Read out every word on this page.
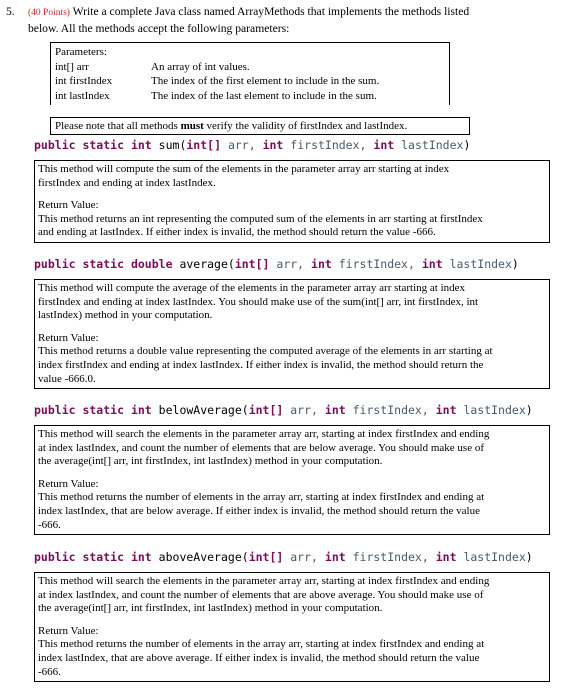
5. (40 Points) Write a complete Java class named ArrayMethods that implements the methods listed
below. All the methods accept the following parameters:
Parameters:
int[] arr	An array of int values.
int firstIndex	The index of the first element to include in the sum.
int lastIndex	The index of the last element to include in the sum.
Please note that all methods must verify the validity of firstIndex and lastIndex.
public static int sum(int[] arr, int firstIndex, int lastIndex)

This method will compute the sum of the elements in the parameter array arr starting at index

firstIndex and ending at index lastIndex.

Return Value:

This method returns an int representing the computed sum of the elements in arr starting at firstIndex

and ending at lastIndex. If either index is invalid, the method should return the value -666.

public static double average(int[] arr, int firstIndex, int lastIndex)

This method will compute the average of the elements in the parameter array arr starting at index

firstIndex and ending at index lastIndex. You should make use of the sum(int[] arr, int firstIndex, int

lastIndex) method in your computation.

Return Value:

This method returns a double value representing the computed average of the elements in arr starting at

index firstIndex and ending at index lastIndex. If either index is invalid, the method should return the

value -666.0.

public static int belowAverage(int[] arr, int firstIndex, int lastIndex)

This method will search the elements in the parameter array arr, starting at index firstIndex and ending

at index lastIndex, and count the number of elements that are below average. You should make use of

the average(int[] arr, int firstIndex, int lastIndex) method in your computation.

Return Value:

This method returns the number of elements in the array arr, starting at index firstIndex and ending at

index lastIndex, that are below average. If either index is invalid, the method should return the value

-666.

public static int aboveAverage(int[] arr, int firstIndex, int lastIndex)

This method will search the elements in the parameter array arr, starting at index firstIndex and ending

at index lastIndex, and count the number of elements that are above average. You should make use of

the average(int[] arr, int firstIndex, int lastIndex) method in your computation.

Return Value:

This method returns the number of elements in the array arr, starting at index firstIndex and ending at

index lastIndex, that are above average. If either index is invalid, the method should return the value

-666.
